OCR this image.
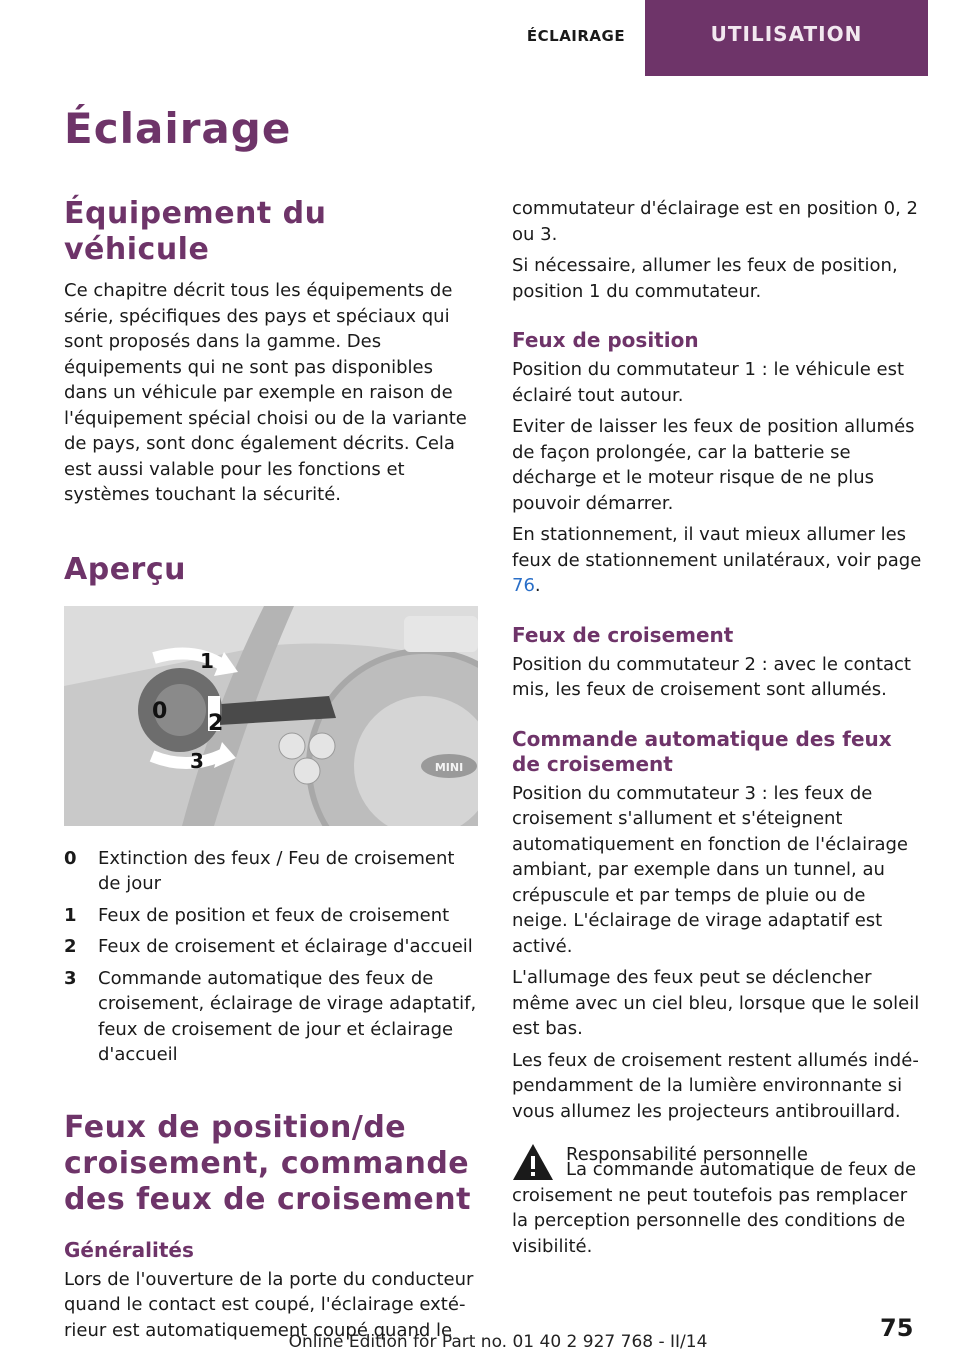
ÉCLAIRAGE	UTILISATION
Éclairage
Équipement du véhicule

Ce chapitre décrit tous les équipements de série, spécifiques des pays et spéciaux qui sont proposés dans la gamme. Des équipements qui ne sont pas disponibles dans un véhicule par exemple en raison de l'équipement spécial choisi ou de la variante de pays, sont donc également décrits. Cela est aussi valable pour les fonctions et systèmes touchant la sécurité.

Aperçu
MINI
0
1
2
3
0	Extinction des feux / Feu de croisement de jour
1	Feux de position et feux de croisement
2	Feux de croisement et éclairage d'accueil
3	Commande automatique des feux de croisement, éclairage de virage adaptatif, feux de croisement de jour et éclairage d'accueil
Feux de position/de croisement, commande des feux de croisement
Généralités

Lors de l'ouverture de la porte du conducteur quand le contact est coupé, l'éclairage extérieur est automatiquement coupé quand le

commutateur d'éclairage est en position 0, 2 ou 3.

Si nécessaire, allumer les feux de position, position 1 du commutateur.

Feux de position

Position du commutateur 1 : le véhicule est éclairé tout autour.

Eviter de laisser les feux de position allumés de façon prolongée, car la batterie se décharge et le moteur risque de ne plus pouvoir démarrer.

En stationnement, il vaut mieux allumer les feux de stationnement unilatéraux, voir page 76.

Feux de croisement

Position du commutateur 2 : avec le contact mis, les feux de croisement sont allumés.

Commande automatique des feux de croisement

Position du commutateur 3 : les feux de croisement s'allument et s'éteignent automatiquement en fonction de l'éclairage ambiant, par exemple dans un tunnel, au crépuscule et par temps de pluie ou de neige. L'éclairage de virage adaptatif est activé.

L'allumage des feux peut se déclencher même avec un ciel bleu, lorsque que le soleil est bas.

Les feux de croisement restent allumés indépendamment de la lumière environnante si vous allumez les projecteurs antibrouillard.

Responsabilité personnelle

La commande automatique de feux de croisement ne peut toutefois pas remplacer la perception personnelle des conditions de visibilité.

75
Online Edition for Part no. 01 40 2 927 768 - II/14
